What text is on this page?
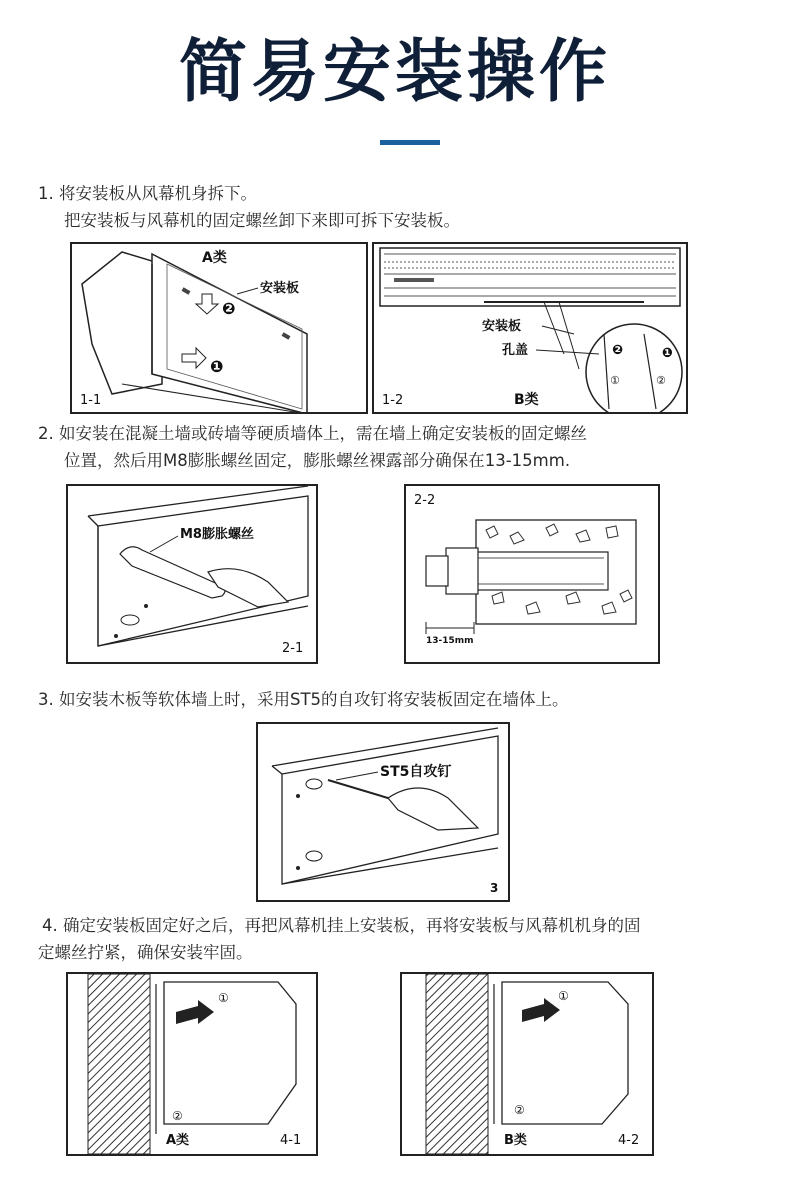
简易安装操作
1. 将安装板从风幕机身拆下。
把安装板与风幕机的固定螺丝卸下来即可拆下安装板。
A类
安装板
❷
❶
1-1
安装板
孔盖	❷	❶
①	②
1-2	B类
2. 如安装在混凝土墙或砖墙等硬质墙体上，需在墙上确定安装板的固定螺丝
位置，然后用M8膨胀螺丝固定，膨胀螺丝裸露部分确保在13-15mm.
M8膨胀螺丝
2-1	13-15mm
2-2
3. 如安装木板等软体墙上时，采用ST5的自攻钉将安装板固定在墙体上。
ST5自攻钉
3
4. 确定安装板固定好之后，再把风幕机挂上安装板，再将安装板与风幕机机身的固
定螺丝拧紧，确保安装牢固。
①
②
A类	4-1
①
②
B类	4-2
